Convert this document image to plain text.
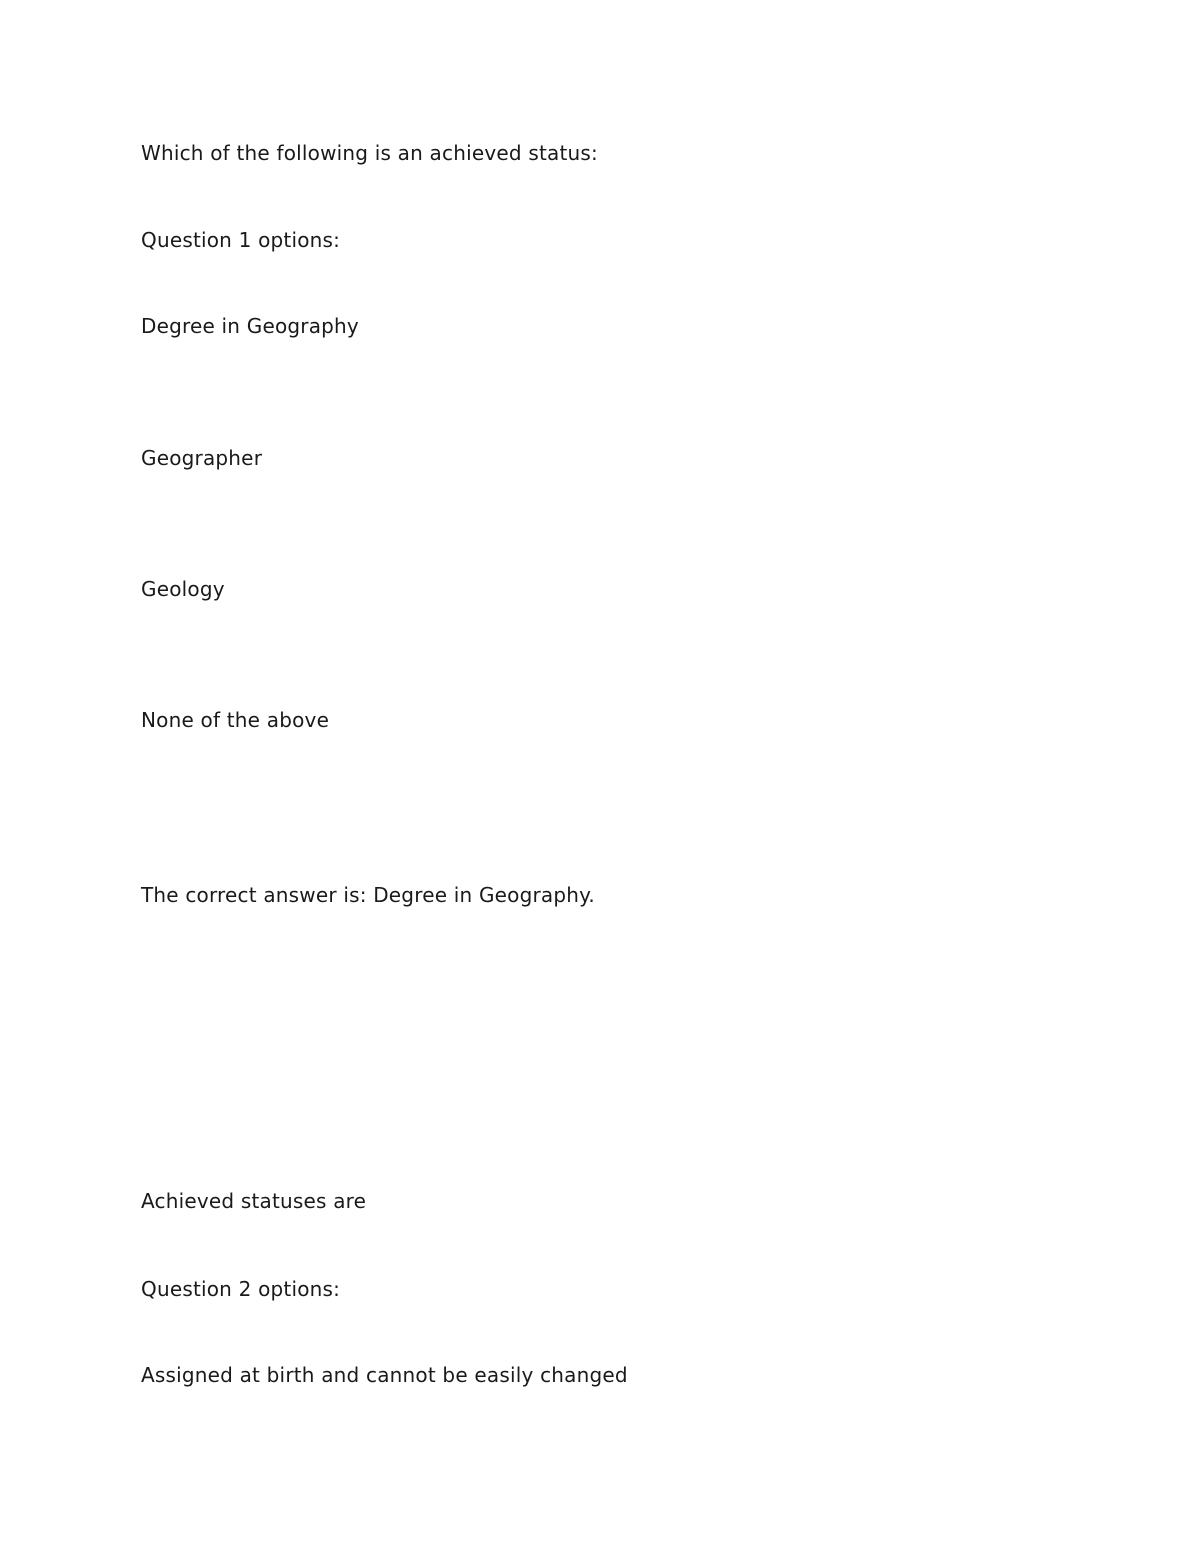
Which of the following is an achieved status:
Question 1 options:
Degree in Geography
Geographer
Geology
None of the above
The correct answer is: Degree in Geography.
Achieved statuses are
Question 2 options:
Assigned at birth and cannot be easily changed
